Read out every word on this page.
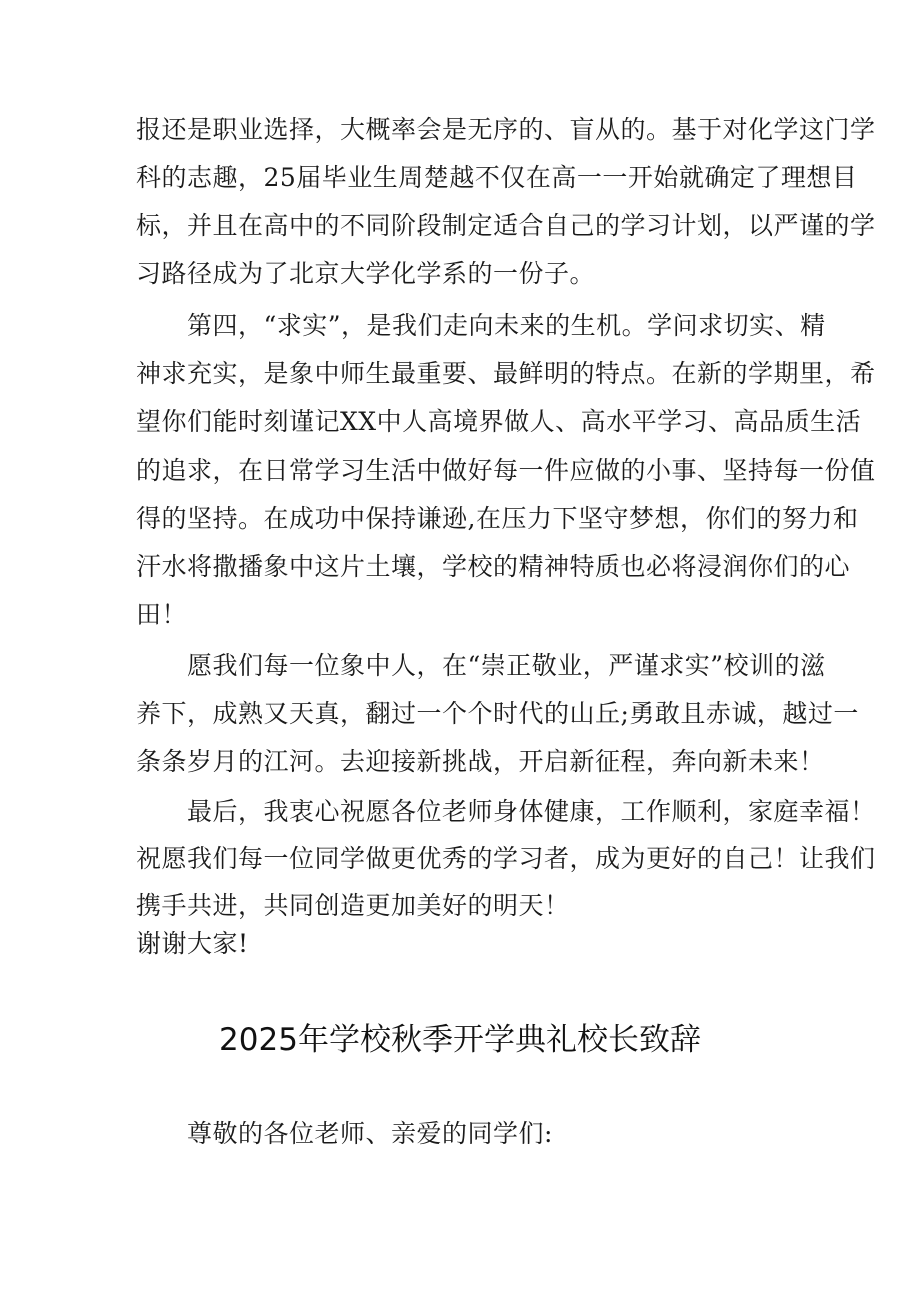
报还是职业选择，大概率会是无序的、盲从的。基于对化学这门学
科的志趣，25届毕业生周楚越不仅在高一一开始就确定了理想目
标，并且在高中的不同阶段制定适合自己的学习计划，以严谨的学
习路径成为了北京大学化学系的一份子。
第四，“求实”，是我们走向未来的生机。学问求切实、精
神求充实，是象中师生最重要、最鲜明的特点。在新的学期里，希
望你们能时刻谨记XX中人高境界做人、高水平学习、高品质生活
的追求，在日常学习生活中做好每一件应做的小事、坚持每一份值
得的坚持。在成功中保持谦逊,在压力下坚守梦想，你们的努力和
汗水将撒播象中这片土壤，学校的精神特质也必将浸润你们的心
田！
愿我们每一位象中人，在“崇正敬业，严谨求实”校训的滋
养下，成熟又天真，翻过一个个时代的山丘;勇敢且赤诚，越过一
条条岁月的江河。去迎接新挑战，开启新征程，奔向新未来！
最后，我衷心祝愿各位老师身体健康，工作顺利，家庭幸福！
祝愿我们每一位同学做更优秀的学习者，成为更好的自己！让我们
携手共进，共同创造更加美好的明天！
谢谢大家!
2025年学校秋季开学典礼校长致辞
尊敬的各位老师、亲爱的同学们:
